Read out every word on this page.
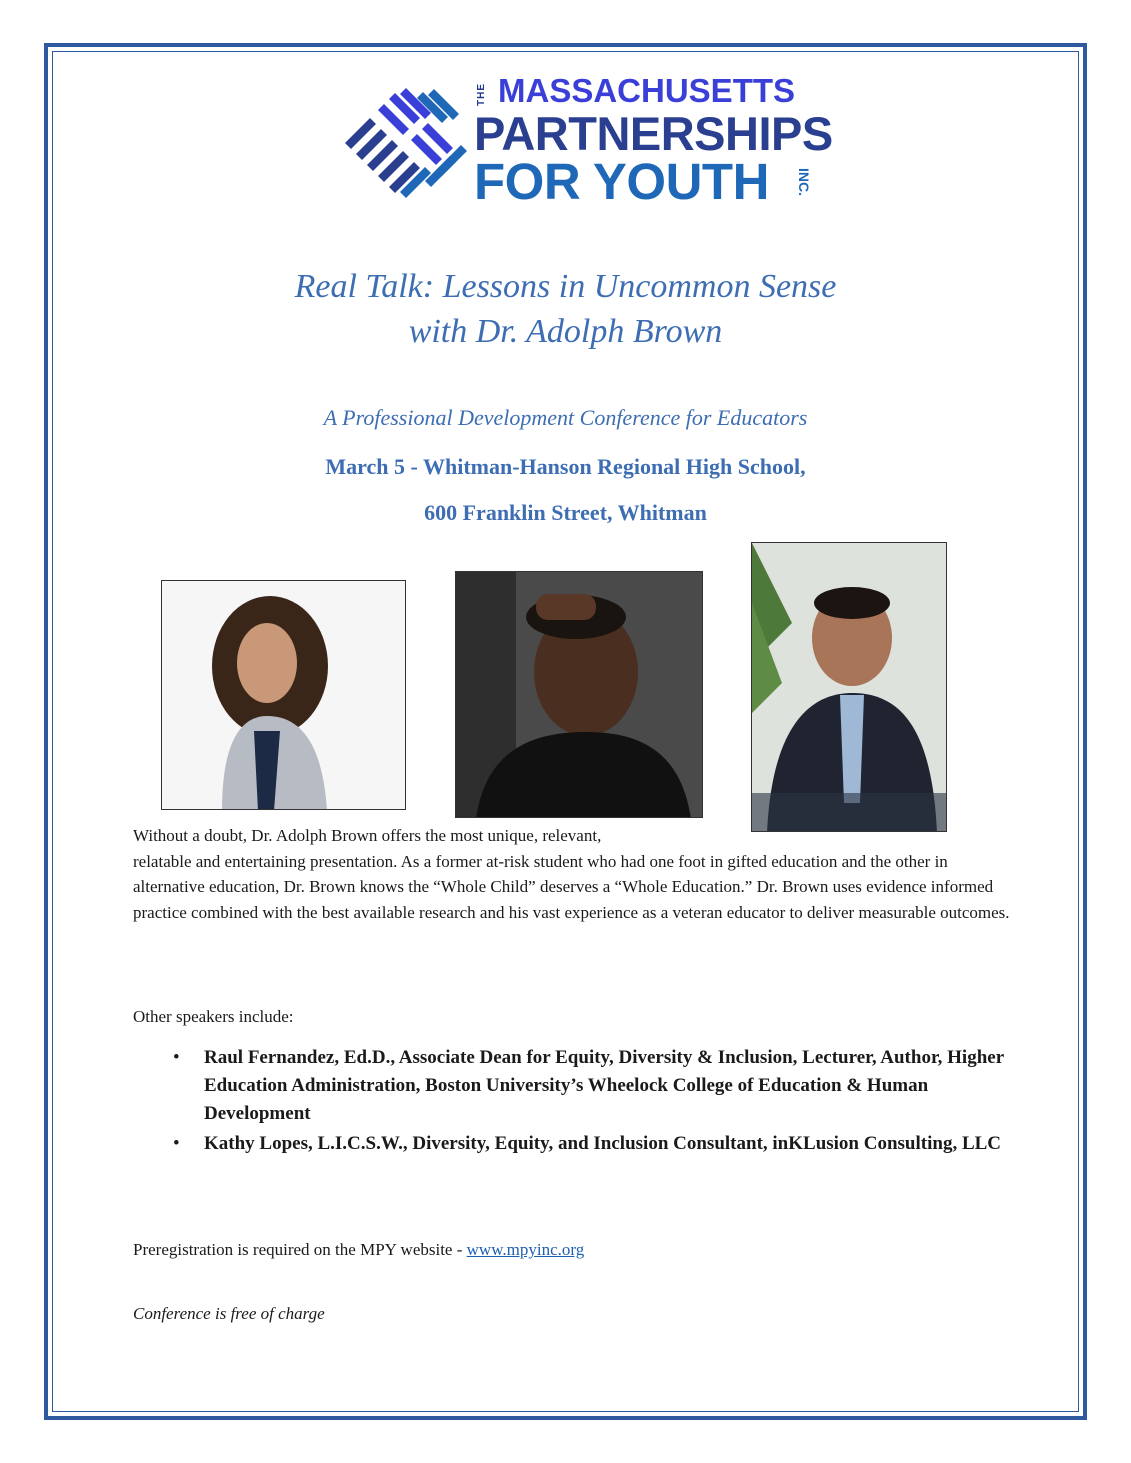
THE MASSACHUSETTS
PARTNERSHIPS
FOR YOUTH INC.
Real Talk: Lessons in Uncommon Sense
with Dr. Adolph Brown
A Professional Development Conference for Educators
March 5 - Whitman-Hanson Regional High School,
600 Franklin Street, Whitman
Without a doubt, Dr. Adolph Brown offers the most unique, relevant,
relatable and entertaining presentation. As a former at-risk student who had one foot in gifted education and the other in alternative education, Dr. Brown knows the “Whole Child” deserves a “Whole Education.” Dr. Brown uses evidence informed practice combined with the best available research and his vast experience as a veteran educator to deliver measurable outcomes.
Other speakers include:
• Raul Fernandez, Ed.D., Associate Dean for Equity, Diversity & Inclusion, Lecturer, Author, Higher Education Administration, Boston University’s Wheelock College of Education & Human Development
• Kathy Lopes, L.I.C.S.W., Diversity, Equity, and Inclusion Consultant, inKLusion Consulting, LLC
Preregistration is required on the MPY website - www.mpyinc.org
Conference is free of charge
